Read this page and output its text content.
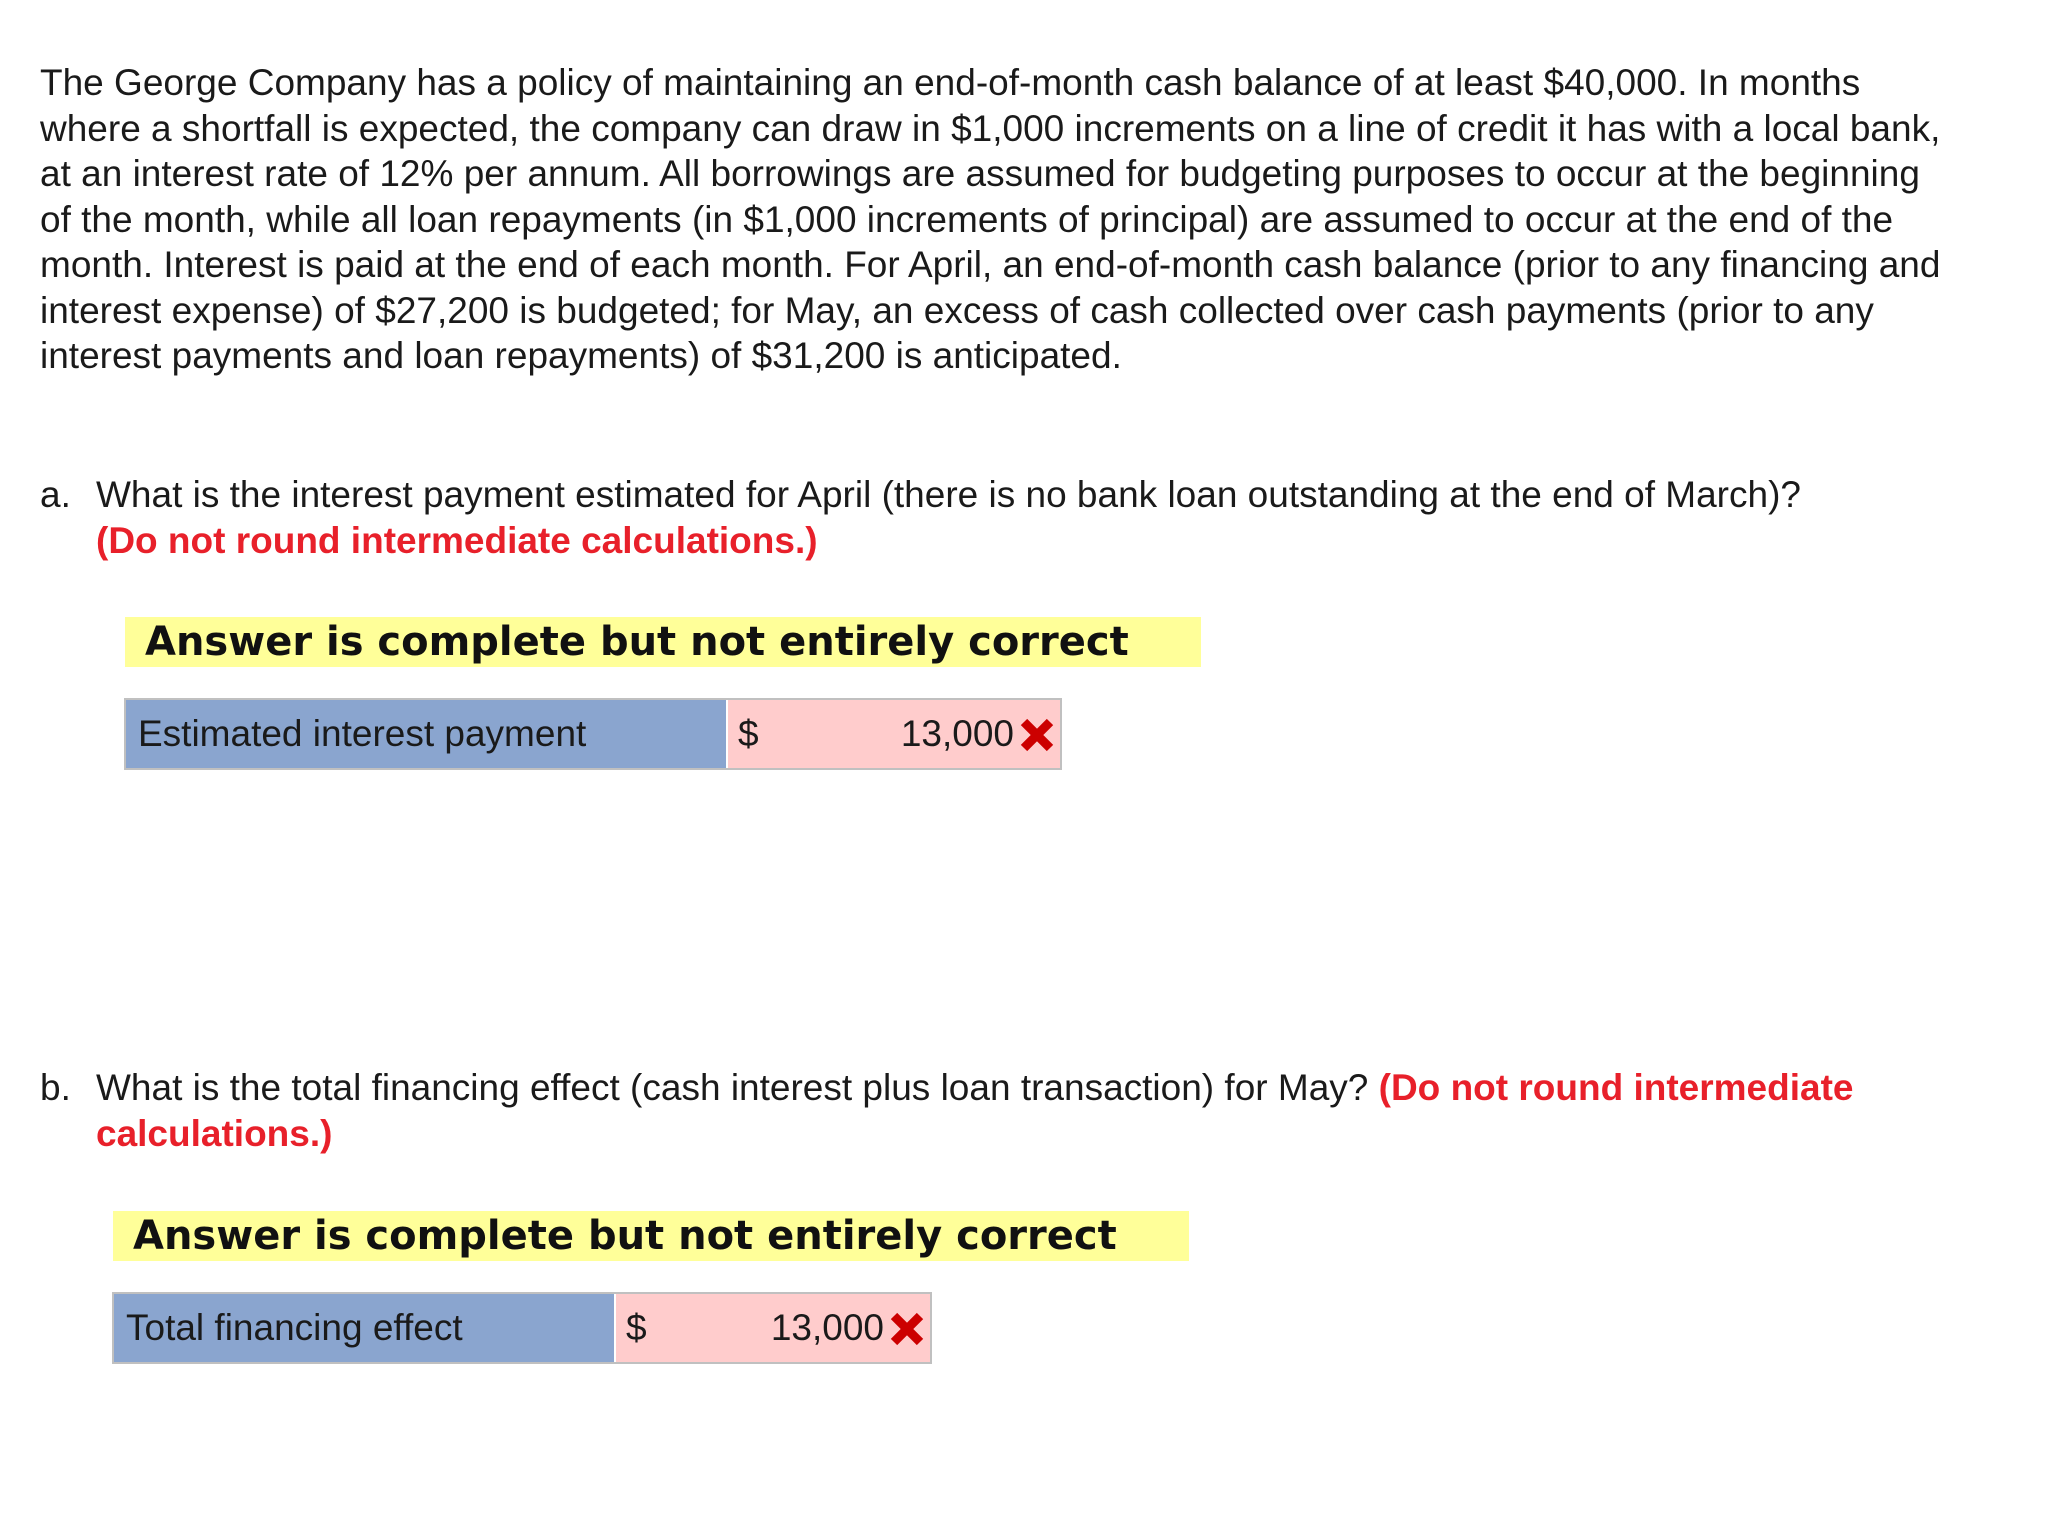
The George Company has a policy of maintaining an end-of-month cash balance of at least $40,000. In months where a shortfall is expected, the company can draw in $1,000 increments on a line of credit it has with a local bank, at an interest rate of 12% per annum. All borrowings are assumed for budgeting purposes to occur at the beginning of the month, while all loan repayments (in $1,000 increments of principal) are assumed to occur at the end of the month. Interest is paid at the end of each month. For April, an end-of-month cash balance (prior to any financing and interest expense) of $27,200 is budgeted; for May, an excess of cash collected over cash payments (prior to any interest payments and loan repayments) of $31,200 is anticipated.

a. What is the interest payment estimated for April (there is no bank loan outstanding at the end of March)?
(Do not round intermediate calculations.)
Answer is complete but not entirely correct
Estimated interest payment	$	13,000
b. What is the total financing effect (cash interest plus loan transaction) for May? (Do not round intermediate calculations.)
Answer is complete but not entirely correct
Total financing effect	$	13,000
